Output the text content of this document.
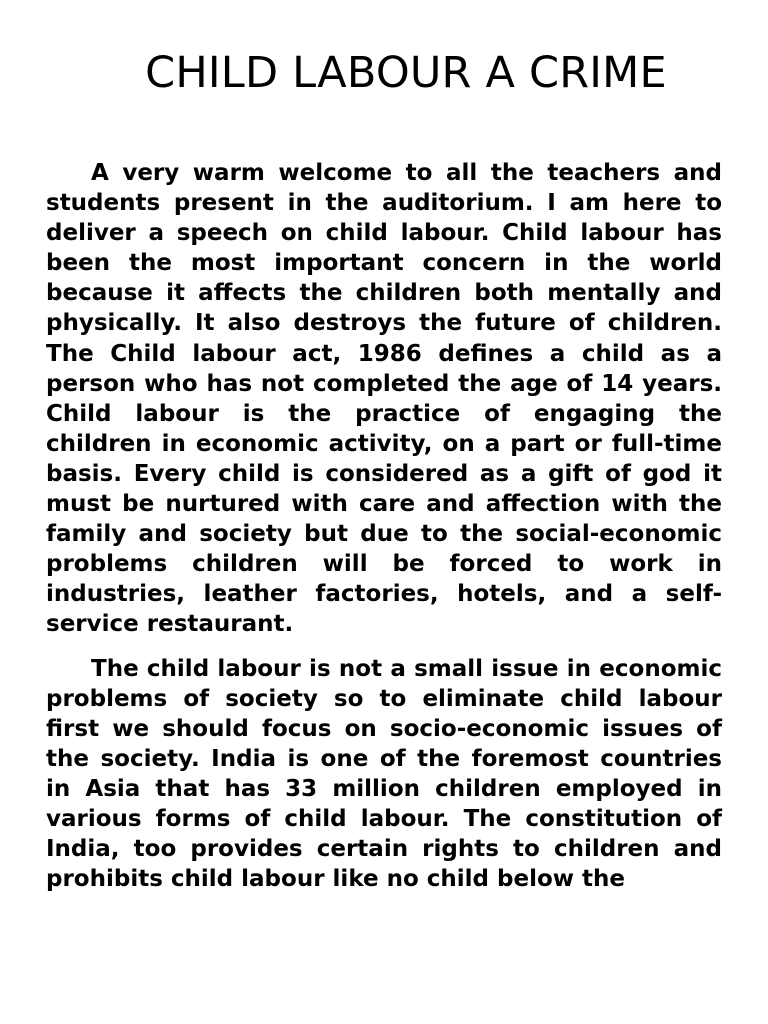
CHILD LABOUR A CRIME

A very warm welcome to all the teachers and students present in the auditorium. I am here to deliver a speech on child labour. Child labour has been the most important concern in the world because it affects the children both mentally and physically. It also destroys the future of children. The Child labour act, 1986 defines a child as a person who has not completed the age of 14 years. Child labour is the practice of engaging the children in economic activity, on a part or full-time basis. Every child is considered as a gift of god it must be nurtured with care and affection with the family and society but due to the social-economic problems children will be forced to work in industries, leather factories, hotels, and a self-service restaurant.

The child labour is not a small issue in economic problems of society so to eliminate child labour first we should focus on socio-economic issues of the society. India is one of the foremost countries in Asia that has 33 million children employed in various forms of child labour. The constitution of India, too provides certain rights to children and prohibits child labour like no child below the
